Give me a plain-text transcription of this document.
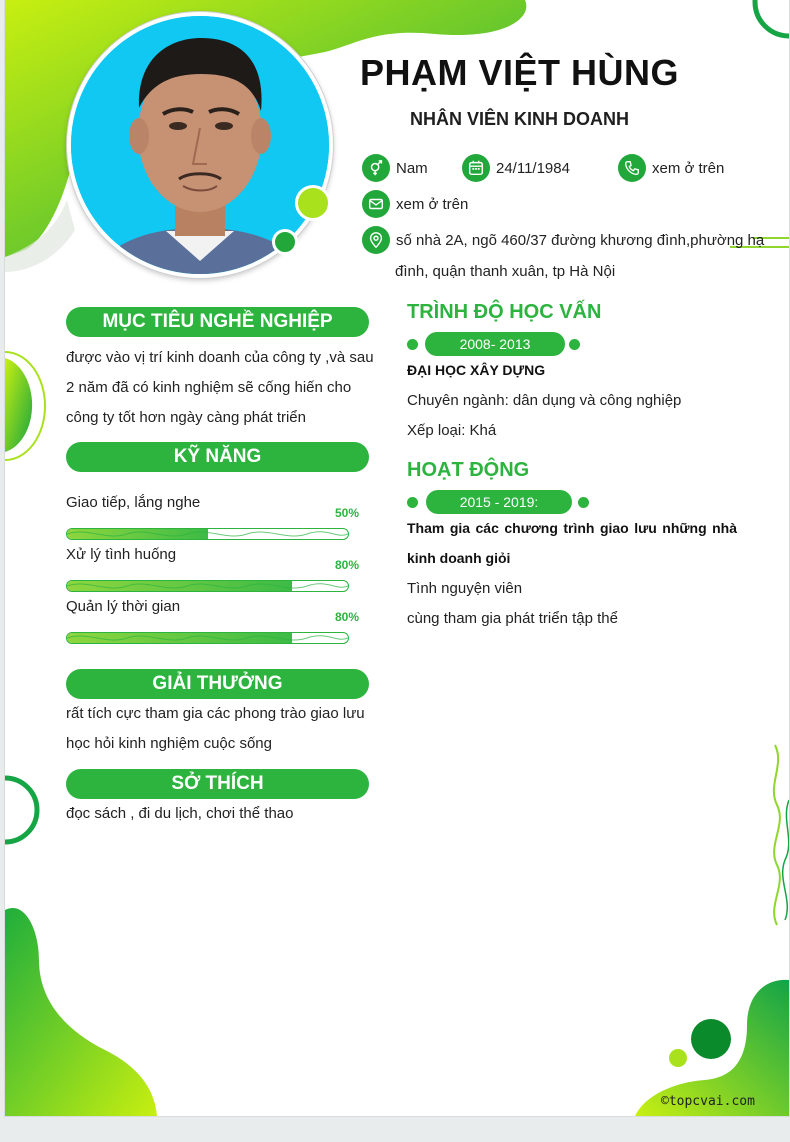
PHẠM VIỆT HÙNG
NHÂN VIÊN KINH DOANH
Nam	24/11/1984	xem ở trên
xem ở trên
số nhà 2A, ngõ 460/37 đường khương đình,phường hạ
đình, quận thanh xuân, tp Hà Nội
MỤC TIÊU NGHỀ NGHIỆP
được vào vị trí kinh doanh của công ty ,và sau
2 năm đã có kinh nghiệm sẽ cống hiến cho
công ty tốt hơn ngày càng phát triển
KỸ NĂNG
Giao tiếp, lắng nghe
50%
Xử lý tình huống
80%
Quản lý thời gian
80%
GIẢI THƯỞNG
rất tích cực tham gia các phong trào giao lưu
học hỏi kinh nghiệm cuộc sống
SỞ THÍCH
đọc sách , đi du lịch, chơi thể thao
TRÌNH ĐỘ HỌC VẤN
2008- 2013
ĐẠI HỌC XÂY DỰNG
Chuyên ngành: dân dụng và công nghiệp
Xếp loại: Khá
HOẠT ĐỘNG
2015 - 2019:
Tham gia các chương trình giao lưu những nhà
kinh doanh giỏi
Tình nguyện viên
cùng tham gia phát triển tập thể
©topcvai.com
